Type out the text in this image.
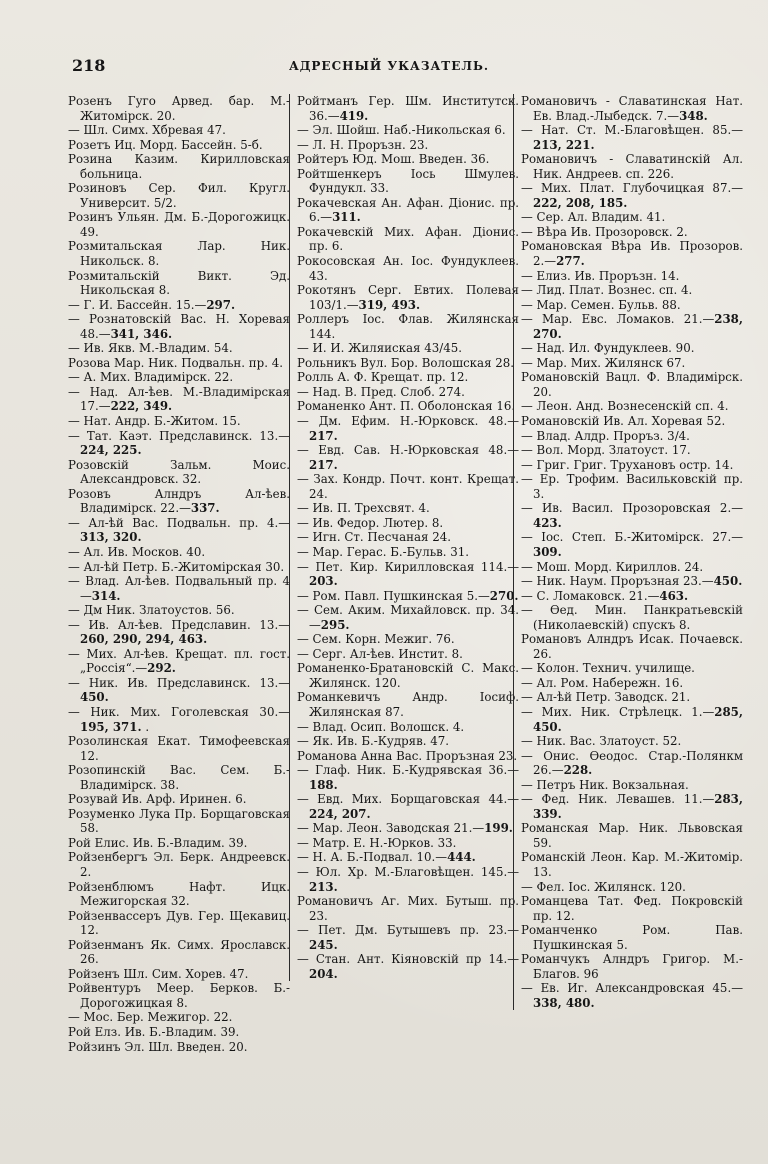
218	АДРЕСНЫЙ УКАЗАТЕЛЬ.

Розенъ Гуго Арвед. бар. М.-Житомірск. 20.

— Шл. Симх. Хбревая 47.

Розетъ Иц. Морд. Бассейн. 5-б.

Розина Казим. Кирилловская больница.

Розиновъ Сер. Фил. Кругл. Университ. 5/2.

Розинъ Ульян. Дм. Б.-Дорогожицк. 49.

Розмитальская Лар. Ник. Никольск. 8.

Розмитальскій Викт. Эд. Никольская 8.

— Г. И. Бассейн. 15.—297.

— Рознатовскій Вас. Н. Хоревая 48.—341, 346.

— Ив. Якв. М.-Владим. 54.

Розова Мар. Ник. Подвальн. пр. 4.

— А. Мих. Владимірск. 22.

— Над. Ал-ѣев. М.-Владимірская 17.—222, 349.

— Нат. Андр. Б.-Житом. 15.

— Тат. Каэт. Предславинск. 13.—224, 225.

Розовскій Зальм. Моис. Александровск. 32.

Розовъ Алндръ Ал-ѣев. Владимірск. 22.—337.

— Ал-ѣй Вас. Подвальн. пр. 4.—313, 320.

— Ал. Ив. Москов. 40.

— Ал-ѣй Петр. Б.-Житомірская 30.

— Влад. Ал-ѣев. Подвальный пр. 4—314.

— Дм Ник. Златоустов. 56.

— Ив. Ал-ѣев. Предславин. 13.—260, 290, 294, 463.

— Мих. Ал-ѣев. Крещат. пл. гост. „Россія“.—292.

— Ник. Ив. Предславинск. 13.—450.

— Ник. Мих. Гоголевская 30.—195, 371. .

Розолинская Екат. Тимофеевская 12.

Розопинскій Вас. Сем. Б.-Владимірск. 38.

Розувай Ив. Арф. Иринен. 6.

Розуменко Лука Пр. Борщаговская 58.

Рой Елис. Ив. Б.-Владим. 39.

Ройзенбергъ Эл. Берк. Андреевск. 2.

Ройзенблюмъ Нафт. Ицк. Межигорская 32.

Ройзенвассеръ Дув. Гер. Щекавиц. 12.

Ройзенманъ Як. Симх. Ярославск. 26.

Ройзенъ Шл. Сим. Хорев. 47.

Ройвентуръ Меер. Берков. Б.-Дорогожицкая 8.

— Мос. Бер. Межигор. 22.

Рой Елз. Ив. Б.-Владим. 39.

Ройзинъ Эл. Шл. Введен. 20.

Ройтманъ Гер. Шм. Институтск. 36.—419.

— Эл. Шойш. Наб.-Никольская 6.

— Л. Н. Проръзн. 23.

Ройтеръ Юд. Мош. Введен. 36.

Ройтшенкеръ Іось Шмулев. Фундукл. 33.

Рокачевская Ан. Афан. Діонис. пр. 6.—311.

Рокачевскій Мих. Афан. Діонис. пр. 6.

Рокосовская Ан. Іос. Фундуклеев. 43.

Рокотянъ Серг. Евтих. Полевая 103/1.—319, 493.

Роллеръ Іос. Флав. Жилянская 144.

— И. И. Жиляиская 43/45.

Рольникъ Вул. Бор. Волошская 28.

Ролль А. Ф. Крещат. пр. 12.

— Над. В. Пред. Слоб. 274.

Романенко Ант. П. Оболонская 16.

— Дм. Ефим. Н.-Юрковск. 48.—217.

— Евд. Сав. Н.-Юрковская 48.—217.

— Зах. Кондр. Почт. конт. Крещат. 24.

— Ив. П. Трехсвят. 4.

— Ив. Федор. Лютер. 8.

— Игн. Ст. Песчаная 24.

— Мар. Герас. Б.-Бульв. 31.

— Пет. Кир. Кирилловская 114.—203.

— Ром. Павл. Пушкинская 5.—270.

— Сем. Аким. Михайловск. пр. 34.—295.

— Сем. Корн. Межиг. 76.

— Серг. Ал-ѣев. Инстит. 8.

Романенко-Братановскій С. Макс. Жилянск. 120.

Романкевичъ Андр. Іосиф. Жилянская 87.

— Влад. Осип. Волошск. 4.

— Як. Ив. Б.-Кудряв. 47.

Романова Анна Вас. Проръзная 23.

— Глаф. Ник. Б.-Кудрявская 36.—188.

— Евд. Мих. Борщаговская 44.—224, 207.

— Мар. Леон. Заводская 21.—199.

— Матр. Е. Н.-Юрков. 33.

— Н. А. Б.-Подвал. 10.—444.

— Юл. Хр. М.-Благовѣщен. 145.—213.

Романовичъ Аг. Мих. Бутыш. пр. 23.

— Пет. Дм. Бутышевъ пр. 23.—245.

— Стан. Ант. Кіяновскій пр 14.—204.

Романовичъ - Славатинская Нат. Ев. Влад.-Лыбедск. 7.—348.

— Нат. Ст. М.-Благовѣщен. 85.—213, 221.

Романовичъ - Славатинскій Ал. Ник. Андреев. сп. 226.

— Мих. Плат. Глубочицкая 87.—222, 208, 185.

— Сер. Ал. Владим. 41.

— Вѣра Ив. Прозоровск. 2.

Романовская Вѣра Ив. Прозоров. 2.—277.

— Елиз. Ив. Проръзн. 14.

— Лид. Плат. Вознес. сп. 4.

— Мар. Семен. Бульв. 88.

— Мар. Евс. Ломаков. 21.—238, 270.

— Над. Ил. Фундуклеев. 90.

— Мар. Мих. Жилянск 67.

Романовскій Вацл. Ф. Владимірск. 20.

— Леон. Анд. Вознесенскій сп. 4.

Романовскій Ив. Ал. Хоревая 52.

— Влад. Алдр. Проръз. 3/4.

— Вол. Морд. Златоуст. 17.

— Григ. Григ. Трухановъ остр. 14.

— Ер. Трофим. Васильковскій пр. 3.

— Ив. Васил. Прозоровская 2.—423.

— Іос. Степ. Б.-Житомірск. 27.—309.

— Мош. Морд. Кириллов. 24.

— Ник. Наум. Проръзная 23.—450.

— С. Ломаковск. 21.—463.

— Ѳед. Мин. Панкратьевскій (Николаевскій) спускъ 8.

Романовъ Алндръ Исак. Почаевск. 26.

— Колон. Технич. училище.

— Ал. Ром. Набережн. 16.

— Ал-ѣй Петр. Заводск. 21.

— Мих. Ник. Стрѣлецк. 1.—285, 450.

— Ник. Вас. Златоуст. 52.

— Онис. Ѳеодос. Стар.-Полянкм 26.—228.

— Петръ Ник. Вокзальная.

— Фед. Ник. Левашев. 11.—283, 339.

Романская Мар. Ник. Львовская 59.

Романскій Леон. Кар. М.-Житомір. 13.

— Фел. Іос. Жилянск. 120.

Романцева Тат. Фед. Покровскій пр. 12.

Романченко Ром. Пав. Пушкинская 5.

Романчукъ Алндръ Григор. М.-Благов. 96

— Ев. Иг. Александровская 45.—338, 480.
